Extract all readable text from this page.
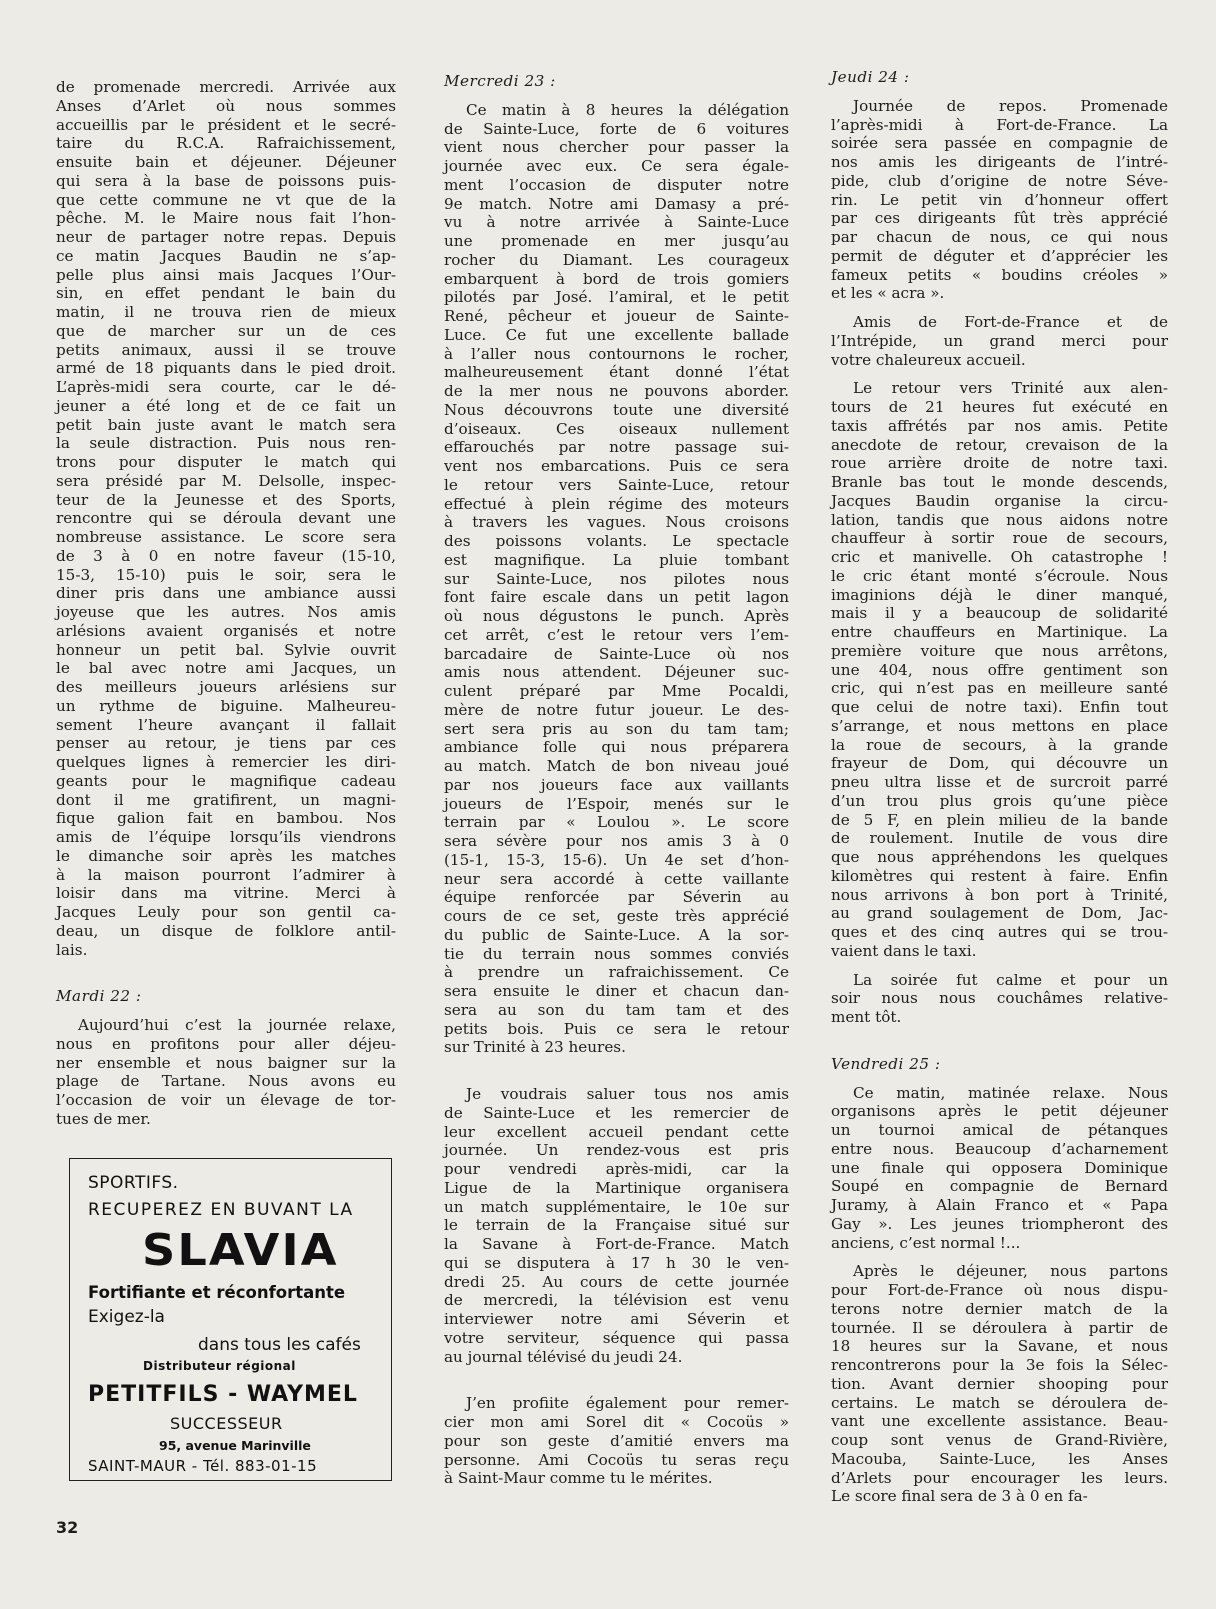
de promenade mercredi. Arrivée aux

Anses d’Arlet où nous sommes

accueillis par le président et le secré-

taire du R.C.A. Rafraichissement,

ensuite bain et déjeuner. Déjeuner

qui sera à la base de poissons puis-

que cette commune ne vt que de la

pêche. M. le Maire nous fait l’hon-

neur de partager notre repas. Depuis

ce matin Jacques Baudin ne s’ap-

pelle plus ainsi mais Jacques l’Our-

sin, en effet pendant le bain du

matin, il ne trouva rien de mieux

que de marcher sur un de ces

petits animaux, aussi il se trouve

armé de 18 piquants dans le pied droit.

L’après-midi sera courte, car le dé-

jeuner a été long et de ce fait un

petit bain juste avant le match sera

la seule distraction. Puis nous ren-

trons pour disputer le match qui

sera présidé par M. Delsolle, inspec-

teur de la Jeunesse et des Sports,

rencontre qui se déroula devant une

nombreuse assistance. Le score sera

de 3 à 0 en notre faveur (15-10,

15-3, 15-10) puis le soir, sera le

diner pris dans une ambiance aussi

joyeuse que les autres. Nos amis

arlésions avaient organisés et notre

honneur un petit bal. Sylvie ouvrit

le bal avec notre ami Jacques, un

des meilleurs joueurs arlésiens sur

un rythme de biguine. Malheureu-

sement l’heure avançant il fallait

penser au retour, je tiens par ces

quelques lignes à remercier les diri-

geants pour le magnifique cadeau

dont il me gratifirent, un magni-

fique galion fait en bambou. Nos

amis de l’équipe lorsqu’ils viendrons

le dimanche soir après les matches

à la maison pourront l’admirer à

loisir dans ma vitrine. Merci à

Jacques Leuly pour son gentil ca-

deau, un disque de folklore antil-

lais.

Mardi 22 :

Aujourd’hui c’est la journée relaxe,

nous en profitons pour aller déjeu-

ner ensemble et nous baigner sur la

plage de Tartane. Nous avons eu

l’occasion de voir un élevage de tor-

tues de mer.

SPORTIFS.
RECUPEREZ EN BUVANT LA
SLAVIA
Fortifiante et réconfortante
Exigez-la
dans tous les cafés
Distributeur régional
PETITFILS - WAYMEL
SUCCESSEUR
95, avenue Marinville
SAINT-MAUR - Tél. 883-01-15
Mercredi 23 :

Ce matin à 8 heures la délégation

de Sainte-Luce, forte de 6 voitures

vient nous chercher pour passer la

journée avec eux. Ce sera égale-

ment l’occasion de disputer notre

9e match. Notre ami Damasy a pré-

vu à notre arrivée à Sainte-Luce

une promenade en mer jusqu’au

rocher du Diamant. Les courageux

embarquent à bord de trois gomiers

pilotés par José. l’amiral, et le petit

René, pêcheur et joueur de Sainte-

Luce. Ce fut une excellente ballade

à l’aller nous contournons le rocher,

malheureusement étant donné l’état

de la mer nous ne pouvons aborder.

Nous découvrons toute une diversité

d’oiseaux. Ces oiseaux nullement

effarouchés par notre passage sui-

vent nos embarcations. Puis ce sera

le retour vers Sainte-Luce, retour

effectué à plein régime des moteurs

à travers les vagues. Nous croisons

des poissons volants. Le spectacle

est magnifique. La pluie tombant

sur Sainte-Luce, nos pilotes nous

font faire escale dans un petit lagon

où nous dégustons le punch. Après

cet arrêt, c’est le retour vers l’em-

barcadaire de Sainte-Luce où nos

amis nous attendent. Déjeuner suc-

culent préparé par Mme Pocaldi,

mère de notre futur joueur. Le des-

sert sera pris au son du tam tam;

ambiance folle qui nous préparera

au match. Match de bon niveau joué

par nos joueurs face aux vaillants

joueurs de l’Espoir, menés sur le

terrain par « Loulou ». Le score

sera sévère pour nos amis 3 à 0

(15-1, 15-3, 15-6). Un 4e set d’hon-

neur sera accordé à cette vaillante

équipe renforcée par Séverin au

cours de ce set, geste très apprécié

du public de Sainte-Luce. A la sor-

tie du terrain nous sommes conviés

à prendre un rafraichissement. Ce

sera ensuite le diner et chacun dan-

sera au son du tam tam et des

petits bois. Puis ce sera le retour

sur Trinité à 23 heures.

Je voudrais saluer tous nos amis

de Sainte-Luce et les remercier de

leur excellent accueil pendant cette

journée. Un rendez-vous est pris

pour vendredi après-midi, car la

Ligue de la Martinique organisera

un match supplémentaire, le 10e sur

le terrain de la Française situé sur

la Savane à Fort-de-France. Match

qui se disputera à 17 h 30 le ven-

dredi 25. Au cours de cette journée

de mercredi, la télévision est venu

interviewer notre ami Séverin et

votre serviteur, séquence qui passa

au journal télévisé du jeudi 24.

J’en profiite également pour remer-

cier mon ami Sorel dit « Cocoüs »

pour son geste d’amitié envers ma

personne. Ami Cocoüs tu seras reçu

à Saint-Maur comme tu le mérites.

Jeudi 24 :

Journée de repos. Promenade

l’après-midi à Fort-de-France. La

soirée sera passée en compagnie de

nos amis les dirigeants de l’intré-

pide, club d’origine de notre Séve-

rin. Le petit vin d’honneur offert

par ces dirigeants fût très apprécié

par chacun de nous, ce qui nous

permit de déguter et d’apprécier les

fameux petits « boudins créoles »

et les « acra ».

Amis de Fort-de-France et de

l’Intrépide, un grand merci pour

votre chaleureux accueil.

Le retour vers Trinité aux alen-

tours de 21 heures fut exécuté en

taxis affrétés par nos amis. Petite

anecdote de retour, crevaison de la

roue arrière droite de notre taxi.

Branle bas tout le monde descends,

Jacques Baudin organise la circu-

lation, tandis que nous aidons notre

chauffeur à sortir roue de secours,

cric et manivelle. Oh catastrophe !

le cric étant monté s’écroule. Nous

imaginions déjà le diner manqué,

mais il y a beaucoup de solidarité

entre chauffeurs en Martinique. La

première voiture que nous arrêtons,

une 404, nous offre gentiment son

cric, qui n’est pas en meilleure santé

que celui de notre taxi). Enfin tout

s’arrange, et nous mettons en place

la roue de secours, à la grande

frayeur de Dom, qui découvre un

pneu ultra lisse et de surcroit parré

d’un trou plus grois qu’une pièce

de 5 F, en plein milieu de la bande

de roulement. Inutile de vous dire

que nous appréhendons les quelques

kilomètres qui restent à faire. Enfin

nous arrivons à bon port à Trinité,

au grand soulagement de Dom, Jac-

ques et des cinq autres qui se trou-

vaient dans le taxi.

La soirée fut calme et pour un

soir nous nous couchâmes relative-

ment tôt.

Vendredi 25 :

Ce matin, matinée relaxe. Nous

organisons après le petit déjeuner

un tournoi amical de pétanques

entre nous. Beaucoup d’acharnement

une finale qui opposera Dominique

Soupé en compagnie de Bernard

Juramy, à Alain Franco et « Papa

Gay ». Les jeunes triompheront des

anciens, c’est normal !...

Après le déjeuner, nous partons

pour Fort-de-France où nous dispu-

terons notre dernier match de la

tournée. Il se déroulera à partir de

18 heures sur la Savane, et nous

rencontrerons pour la 3e fois la Sélec-

tion. Avant dernier shooping pour

certains. Le match se déroulera de-

vant une excellente assistance. Beau-

coup sont venus de Grand-Rivière,

Macouba, Sainte-Luce, les Anses

d’Arlets pour encourager les leurs.

Le score final sera de 3 à 0 en fa-

32
